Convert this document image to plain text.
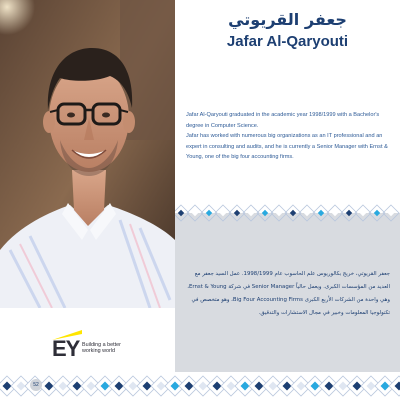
EY Building a better
working world
جعفر القريوتي
Jafar Al-Qaryouti

Jafar Al-Qaryouti graduated in the academic year 1998/1999 with a Bachelor's degree in Computer Science.

Jafar has worked with numerous big organizations as an IT professional and an expert in consulting and audits, and he is currently a Senior Manager with Ernst & Young, one of the big four accounting firms.

جعفر القريوتي، خريج بكالوريوس علم الحاسوب عام 1998/1999. عمل السيد جعفر مع العديد من المؤسسات الكبرى. ويعمل حالياً Senior Manager في شركة Ernst & Young، وهي واحدة من الشركات الأربع الكبرى Big Four Accounting Firms، وهو متخصص في تكنولوجيا المعلومات وخبير في مجال الاستشارات والتدقيق.

52
